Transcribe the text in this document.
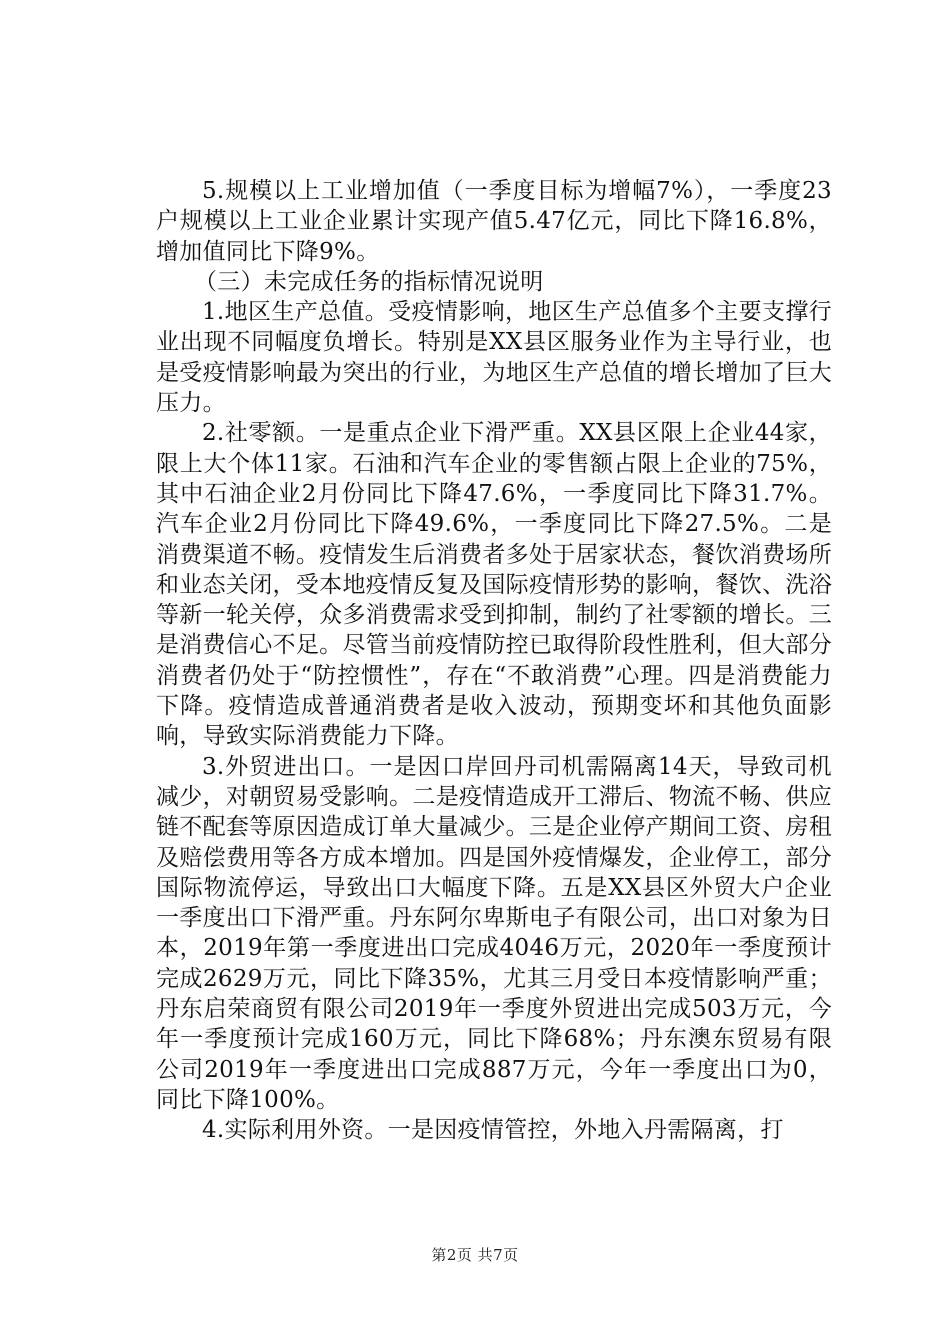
5.规模以上工业增加值（一季度目标为增幅7%），一季度23户规模以上工业企业累计实现产值5.47亿元，同比下降16.8%，增加值同比下降9%。

（三）未完成任务的指标情况说明

1.地区生产总值。受疫情影响，地区生产总值多个主要支撑行业出现不同幅度负增长。特别是XX县区服务业作为主导行业，也是受疫情影响最为突出的行业，为地区生产总值的增长增加了巨大压力。

2.社零额。一是重点企业下滑严重。XX县区限上企业44家，限上大个体11家。石油和汽车企业的零售额占限上企业的75%，其中石油企业2月份同比下降47.6%，一季度同比下降31.7%。汽车企业2月份同比下降49.6%，一季度同比下降27.5%。二是消费渠道不畅。疫情发生后消费者多处于居家状态，餐饮消费场所和业态关闭，受本地疫情反复及国际疫情形势的影响，餐饮、洗浴等新一轮关停，众多消费需求受到抑制，制约了社零额的增长。三是消费信心不足。尽管当前疫情防控已取得阶段性胜利，但大部分消费者仍处于“防控惯性”，存在“不敢消费”心理。四是消费能力下降。疫情造成普通消费者是收入波动，预期变坏和其他负面影响，导致实际消费能力下降。

3.外贸进出口。一是因口岸回丹司机需隔离14天，导致司机减少，对朝贸易受影响。二是疫情造成开工滞后、物流不畅、供应链不配套等原因造成订单大量减少。三是企业停产期间工资、房租及赔偿费用等各方成本增加。四是国外疫情爆发，企业停工，部分国际物流停运，导致出口大幅度下降。五是XX县区外贸大户企业一季度出口下滑严重。丹东阿尔卑斯电子有限公司，出口对象为日本，2019年第一季度进出口完成4046万元，2020年一季度预计完成2629万元，同比下降35%，尤其三月受日本疫情影响严重；丹东启荣商贸有限公司2019年一季度外贸进出完成503万元，今年一季度预计完成160万元，同比下降68%；丹东澳东贸易有限公司2019年一季度进出口完成887万元，今年一季度出口为0，同比下降100%。

4.实际利用外资。一是因疫情管控，外地入丹需隔离，打

第2页 共7页
